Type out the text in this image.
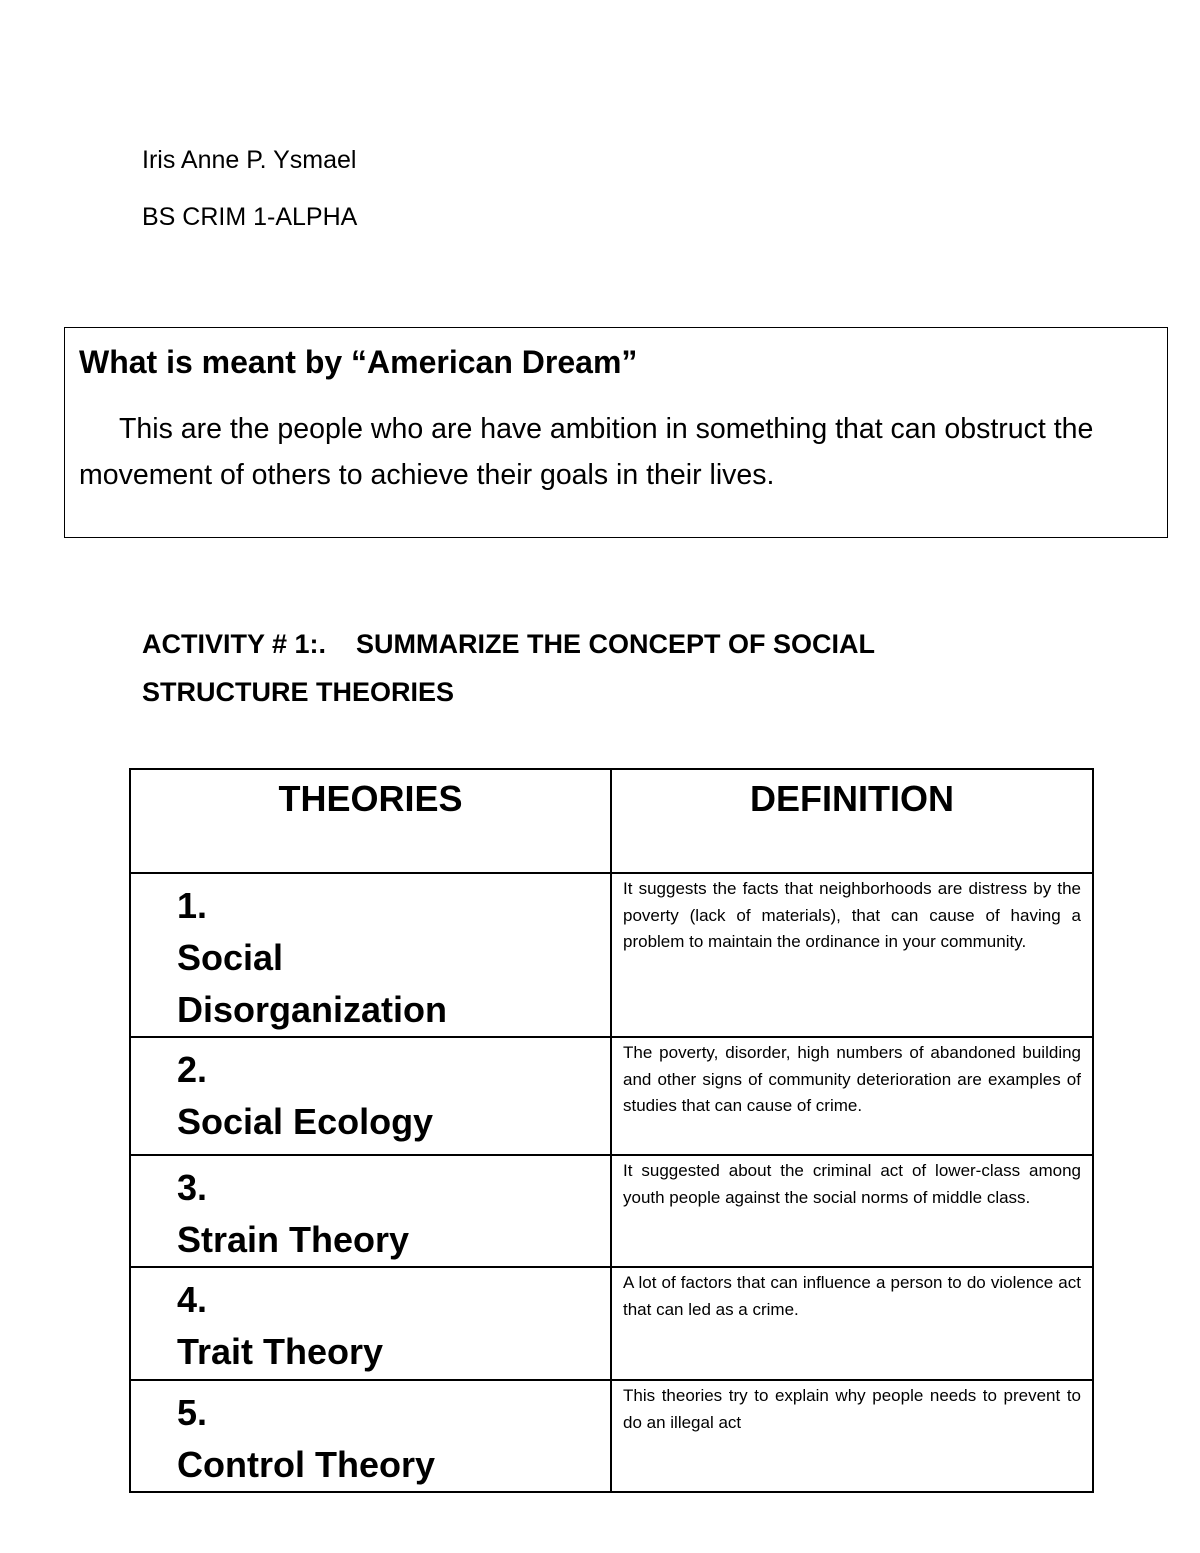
Iris Anne P. Ysmael
BS CRIM 1-ALPHA
What is meant by “American Dream”
This are the people who are have ambition in something that can obstruct the movement of others to achieve their goals in their lives.
ACTIVITY # 1:.    SUMMARIZE THE CONCEPT OF SOCIAL STRUCTURE THEORIES
THEORIES	DEFINITION
1.Social Disorganization	It suggests the facts that neighborhoods are distress by the poverty (lack of materials), that can cause of having a problem to maintain the ordinance in your community.
2.Social Ecology	The poverty, disorder, high numbers of abandoned building and other signs of community deterioration are examples of studies that can cause of crime.
3.Strain Theory	It suggested about the criminal act of lower-class among youth people against the social norms of middle class.
4.Trait Theory	A lot of factors that can influence a person to do violence act that can led as a crime.
5.Control Theory	This theories try to explain why people needs to prevent to do an illegal act
